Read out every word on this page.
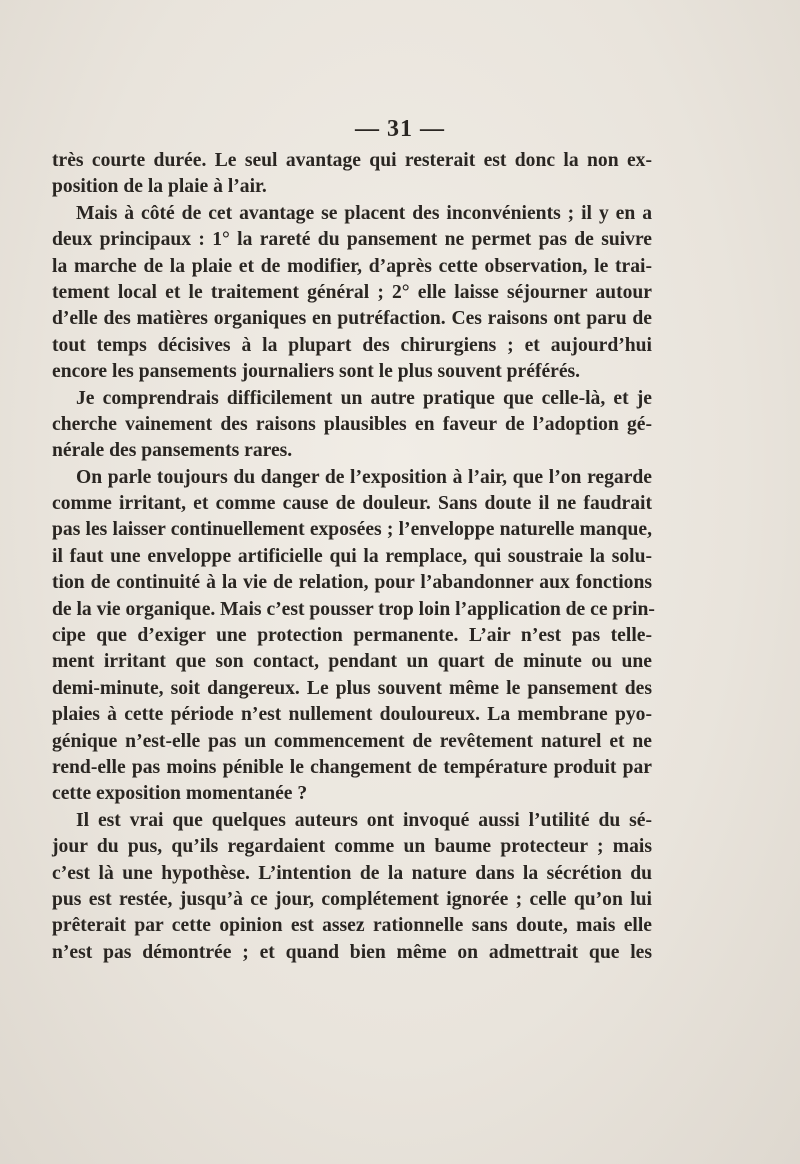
— 31 —
très courte durée. Le seul avantage qui resterait est donc la non ex-
position de la plaie à l’air.
Mais à côté de cet avantage se placent des inconvénients ; il y en a
deux principaux : 1° la rareté du pansement ne permet pas de suivre
la marche de la plaie et de modifier, d’après cette observation, le trai-
tement local et le traitement général ; 2° elle laisse séjourner autour
d’elle des matières organiques en putréfaction. Ces raisons ont paru de
tout temps décisives à la plupart des chirurgiens ; et aujourd’hui
encore les pansements journaliers sont le plus souvent préférés.
Je comprendrais difficilement un autre pratique que celle-là, et je
cherche vainement des raisons plausibles en faveur de l’adoption gé-
nérale des pansements rares.
On parle toujours du danger de l’exposition à l’air, que l’on regarde
comme irritant, et comme cause de douleur. Sans doute il ne faudrait
pas les laisser continuellement exposées ; l’enveloppe naturelle manque,
il faut une enveloppe artificielle qui la remplace, qui soustraie la solu-
tion de continuité à la vie de relation, pour l’abandonner aux fonctions
de la vie organique. Mais c’est pousser trop loin l’application de ce prin-
cipe que d’exiger une protection permanente. L’air n’est pas telle-
ment irritant que son contact, pendant un quart de minute ou une
demi-minute, soit dangereux. Le plus souvent même le pansement des
plaies à cette période n’est nullement douloureux. La membrane pyo-
génique n’est-elle pas un commencement de revêtement naturel et ne
rend-elle pas moins pénible le changement de température produit par
cette exposition momentanée ?
Il est vrai que quelques auteurs ont invoqué aussi l’utilité du sé-
jour du pus, qu’ils regardaient comme un baume protecteur ; mais
c’est là une hypothèse. L’intention de la nature dans la sécrétion du
pus est restée, jusqu’à ce jour, complétement ignorée ; celle qu’on lui
prêterait par cette opinion est assez rationnelle sans doute, mais elle
n’est pas démontrée ; et quand bien même on admettrait que les
